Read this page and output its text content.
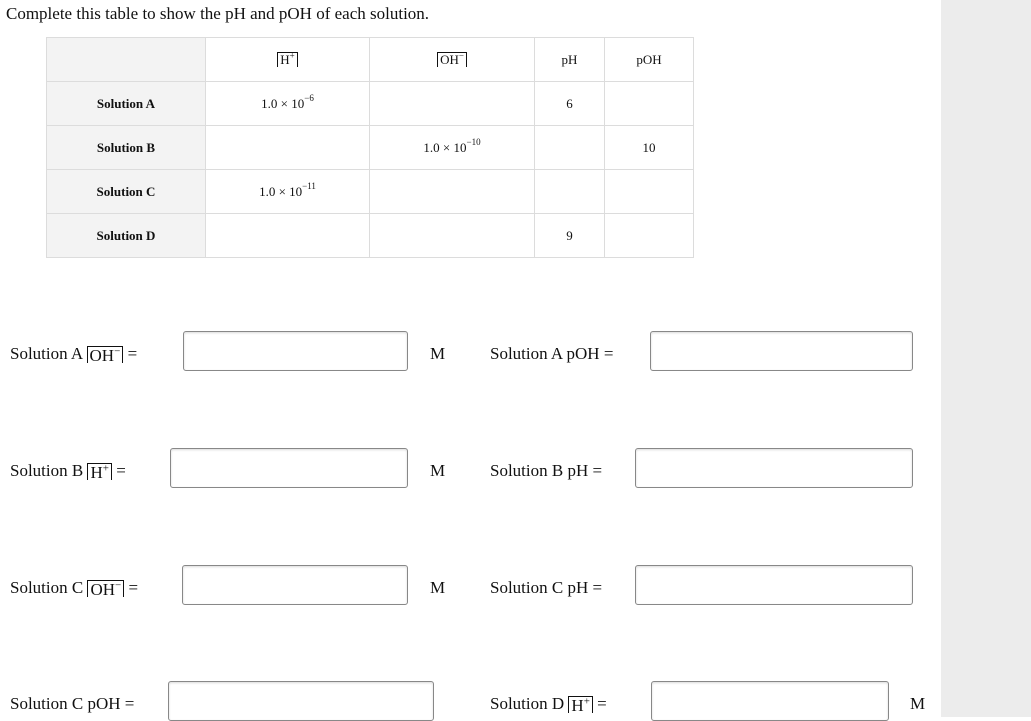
Complete this table to show the pH and pOH of each solution.
	H+	OH−	pH	pOH
Solution A	$1.0 \times 10^{-6}$		6	
Solution B		$1.0 \times 10^{-10}$		10
Solution C	$1.0 \times 10^{-11}$			
Solution D			9	
Solution A OH− =	M	Solution A pOH =
Solution B H+ =	M	Solution B pH =
Solution C OH− =	M	Solution C pH =
Solution C pOH =	Solution D H+ =	M
